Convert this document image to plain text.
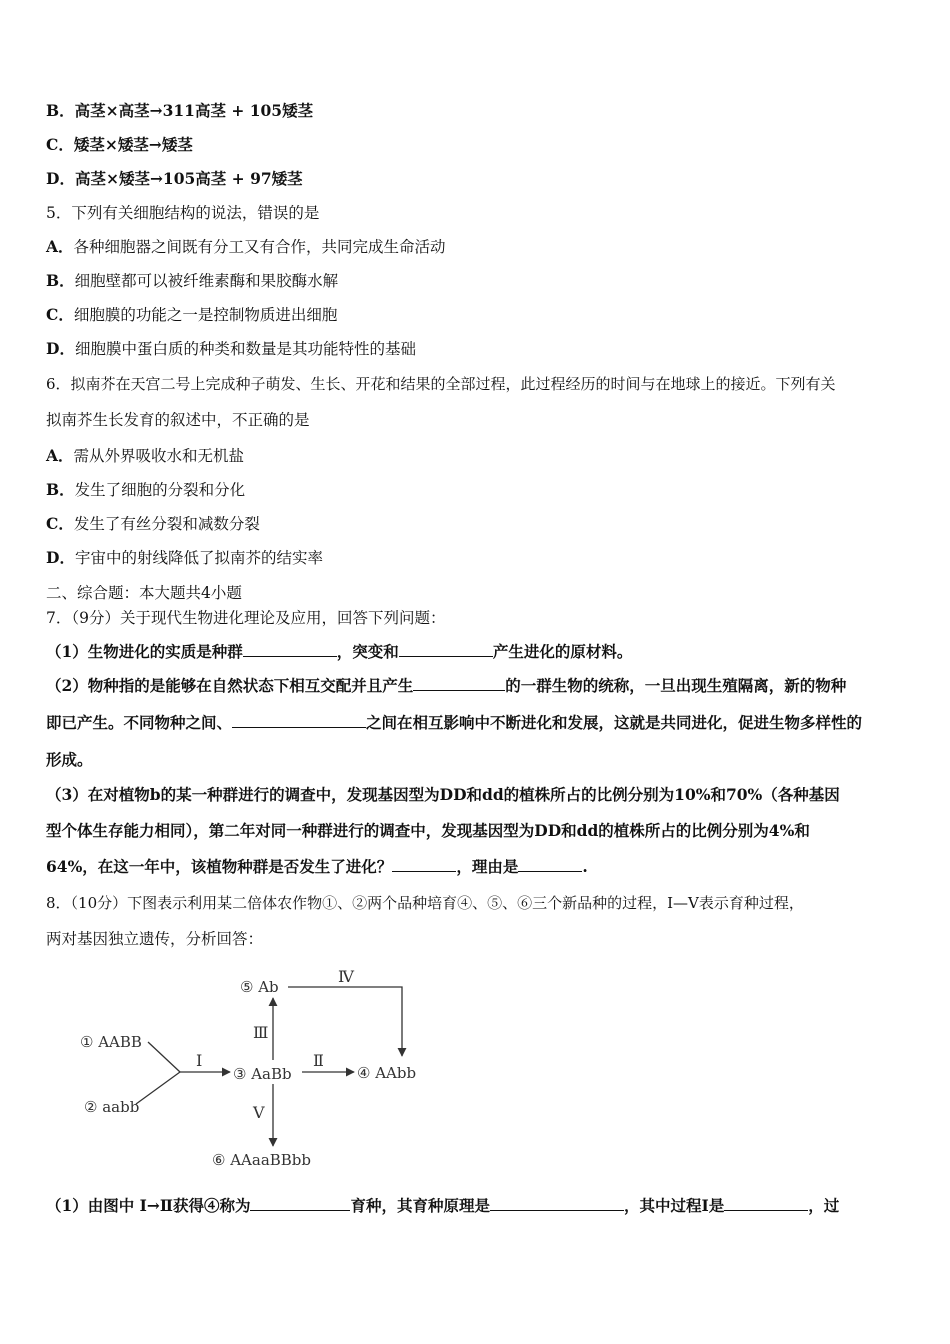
B．高茎×高茎→311高茎 + 105矮茎
C．矮茎×矮茎→矮茎
D．高茎×矮茎→105高茎 + 97矮茎
5．下列有关细胞结构的说法，错误的是
A．各种细胞器之间既有分工又有合作，共同完成生命活动
B．细胞壁都可以被纤维素酶和果胶酶水解
C．细胞膜的功能之一是控制物质进出细胞
D．细胞膜中蛋白质的种类和数量是其功能特性的基础
6．拟南芥在天宫二号上完成种子萌发、生长、开花和结果的全部过程，此过程经历的时间与在地球上的接近。下列有关
拟南芥生长发育的叙述中，不正确的是
A．需从外界吸收水和无机盐
B．发生了细胞的分裂和分化
C．发生了有丝分裂和减数分裂
D．宇宙中的射线降低了拟南芥的结实率
二、综合题：本大题共4小题
7．（9分）关于现代生物进化理论及应用，回答下列问题：
（1）生物进化的实质是种群	，突变和	产生进化的原材料。
（2）物种指的是能够在自然状态下相互交配并且产生	的一群生物的统称，一旦出现生殖隔离，新的物种
即已产生。不同物种之间、	之间在相互影响中不断进化和发展，这就是共同进化，促进生物多样性的
形成。
（3）在对植物b的某一种群进行的调查中，发现基因型为DD和dd的植株所占的比例分别为10%和70%（各种基因
型个体生存能力相同），第二年对同一种群进行的调查中，发现基因型为DD和dd的植株所占的比例分别为4%和
64%，在这一年中，该植物种群是否发生了进化？	，理由是	.
8．（10分）下图表示利用某二倍体农作物①、②两个品种培育④、⑤、⑥三个新品种的过程，Ⅰ—Ⅴ表示育种过程，
两对基因独立遗传，分析回答：
① AABB
② aabb
③ AaBb	④ AAbb
⑤ Ab
⑥ AAaaBBbb
Ⅰ	Ⅱ
Ⅲ
Ⅳ
Ⅴ
（1）由图中 Ⅰ→Ⅱ获得④称为	育种，其育种原理是	，其中过程Ⅰ是	，过
